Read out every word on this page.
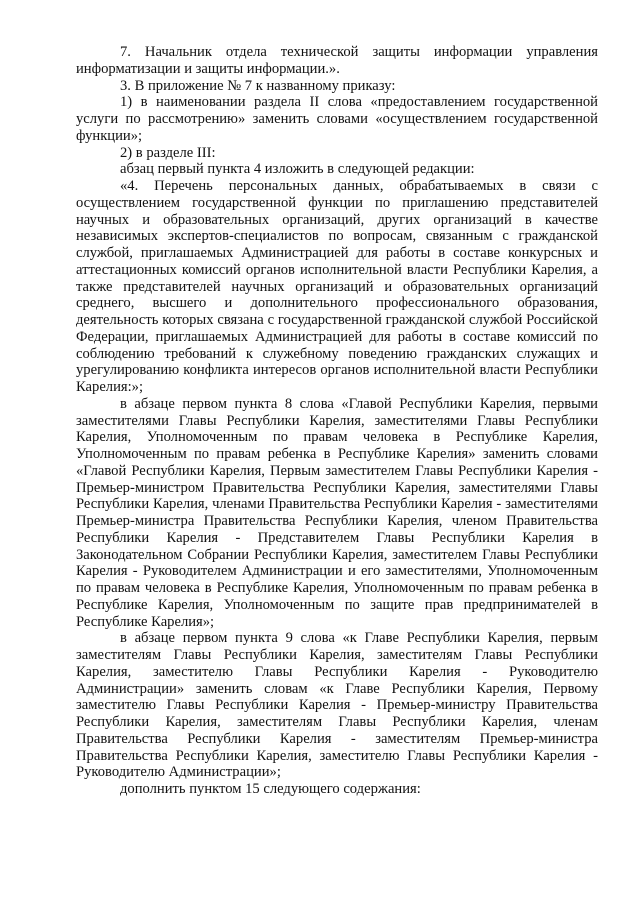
7. Начальник отдела технической защиты информации управления информатизации и защиты информации.».

3. В приложение № 7 к названному приказу:

1) в наименовании раздела II слова «предоставлением государственной услуги по рассмотрению» заменить словами «осуществлением государственной функции»;

2) в разделе III:

абзац первый пункта 4 изложить в следующей редакции:

«4. Перечень персональных данных, обрабатываемых в связи с осуществлением государственной функции по приглашению представителей научных и образовательных организаций, других организаций в качестве независимых экспертов-специалистов по вопросам, связанным с гражданской службой, приглашаемых Администрацией для работы в составе конкурсных и аттестационных комиссий органов исполнительной власти Республики Карелия, а также представителей научных организаций и образовательных организаций среднего, высшего и дополнительного профессионального образования, деятельность которых связана с государственной гражданской службой Российской Федерации, приглашаемых Администрацией для работы в составе комиссий по соблюдению требований к служебному поведению гражданских служащих и урегулированию конфликта интересов органов исполнительной власти Республики Карелия:»;

в абзаце первом пункта 8 слова «Главой Республики Карелия, первыми заместителями Главы Республики Карелия, заместителями Главы Республики Карелия, Уполномоченным по правам человека в Республике Карелия, Уполномоченным по правам ребенка в Республике Карелия» заменить словами «Главой Республики Карелия, Первым заместителем Главы Республики Карелия - Премьер-министром Правительства Республики Карелия, заместителями Главы Республики Карелия, членами Правительства Республики Карелия - заместителями Премьер-министра Правительства Республики Карелия, членом Правительства Республики Карелия - Представителем Главы Республики Карелия в Законодательном Собрании Республики Карелия, заместителем Главы Республики Карелия - Руководителем Администрации и его заместителями, Уполномоченным по правам человека в Республике Карелия, Уполномоченным по правам ребенка в Республике Карелия, Уполномоченным по защите прав предпринимателей в Республике Карелия»;

в абзаце первом пункта 9 слова «к Главе Республики Карелия, первым заместителям Главы Республики Карелия, заместителям Главы Республики Карелия, заместителю Главы Республики Карелия - Руководителю Администрации» заменить словам «к Главе Республики Карелия, Первому заместителю Главы Республики Карелия - Премьер-министру Правительства Республики Карелия, заместителям Главы Республики Карелия, членам Правительства Республики Карелия - заместителям Премьер-министра Правительства Республики Карелия, заместителю Главы Республики Карелия - Руководителю Администрации»;

дополнить пунктом 15 следующего содержания:
